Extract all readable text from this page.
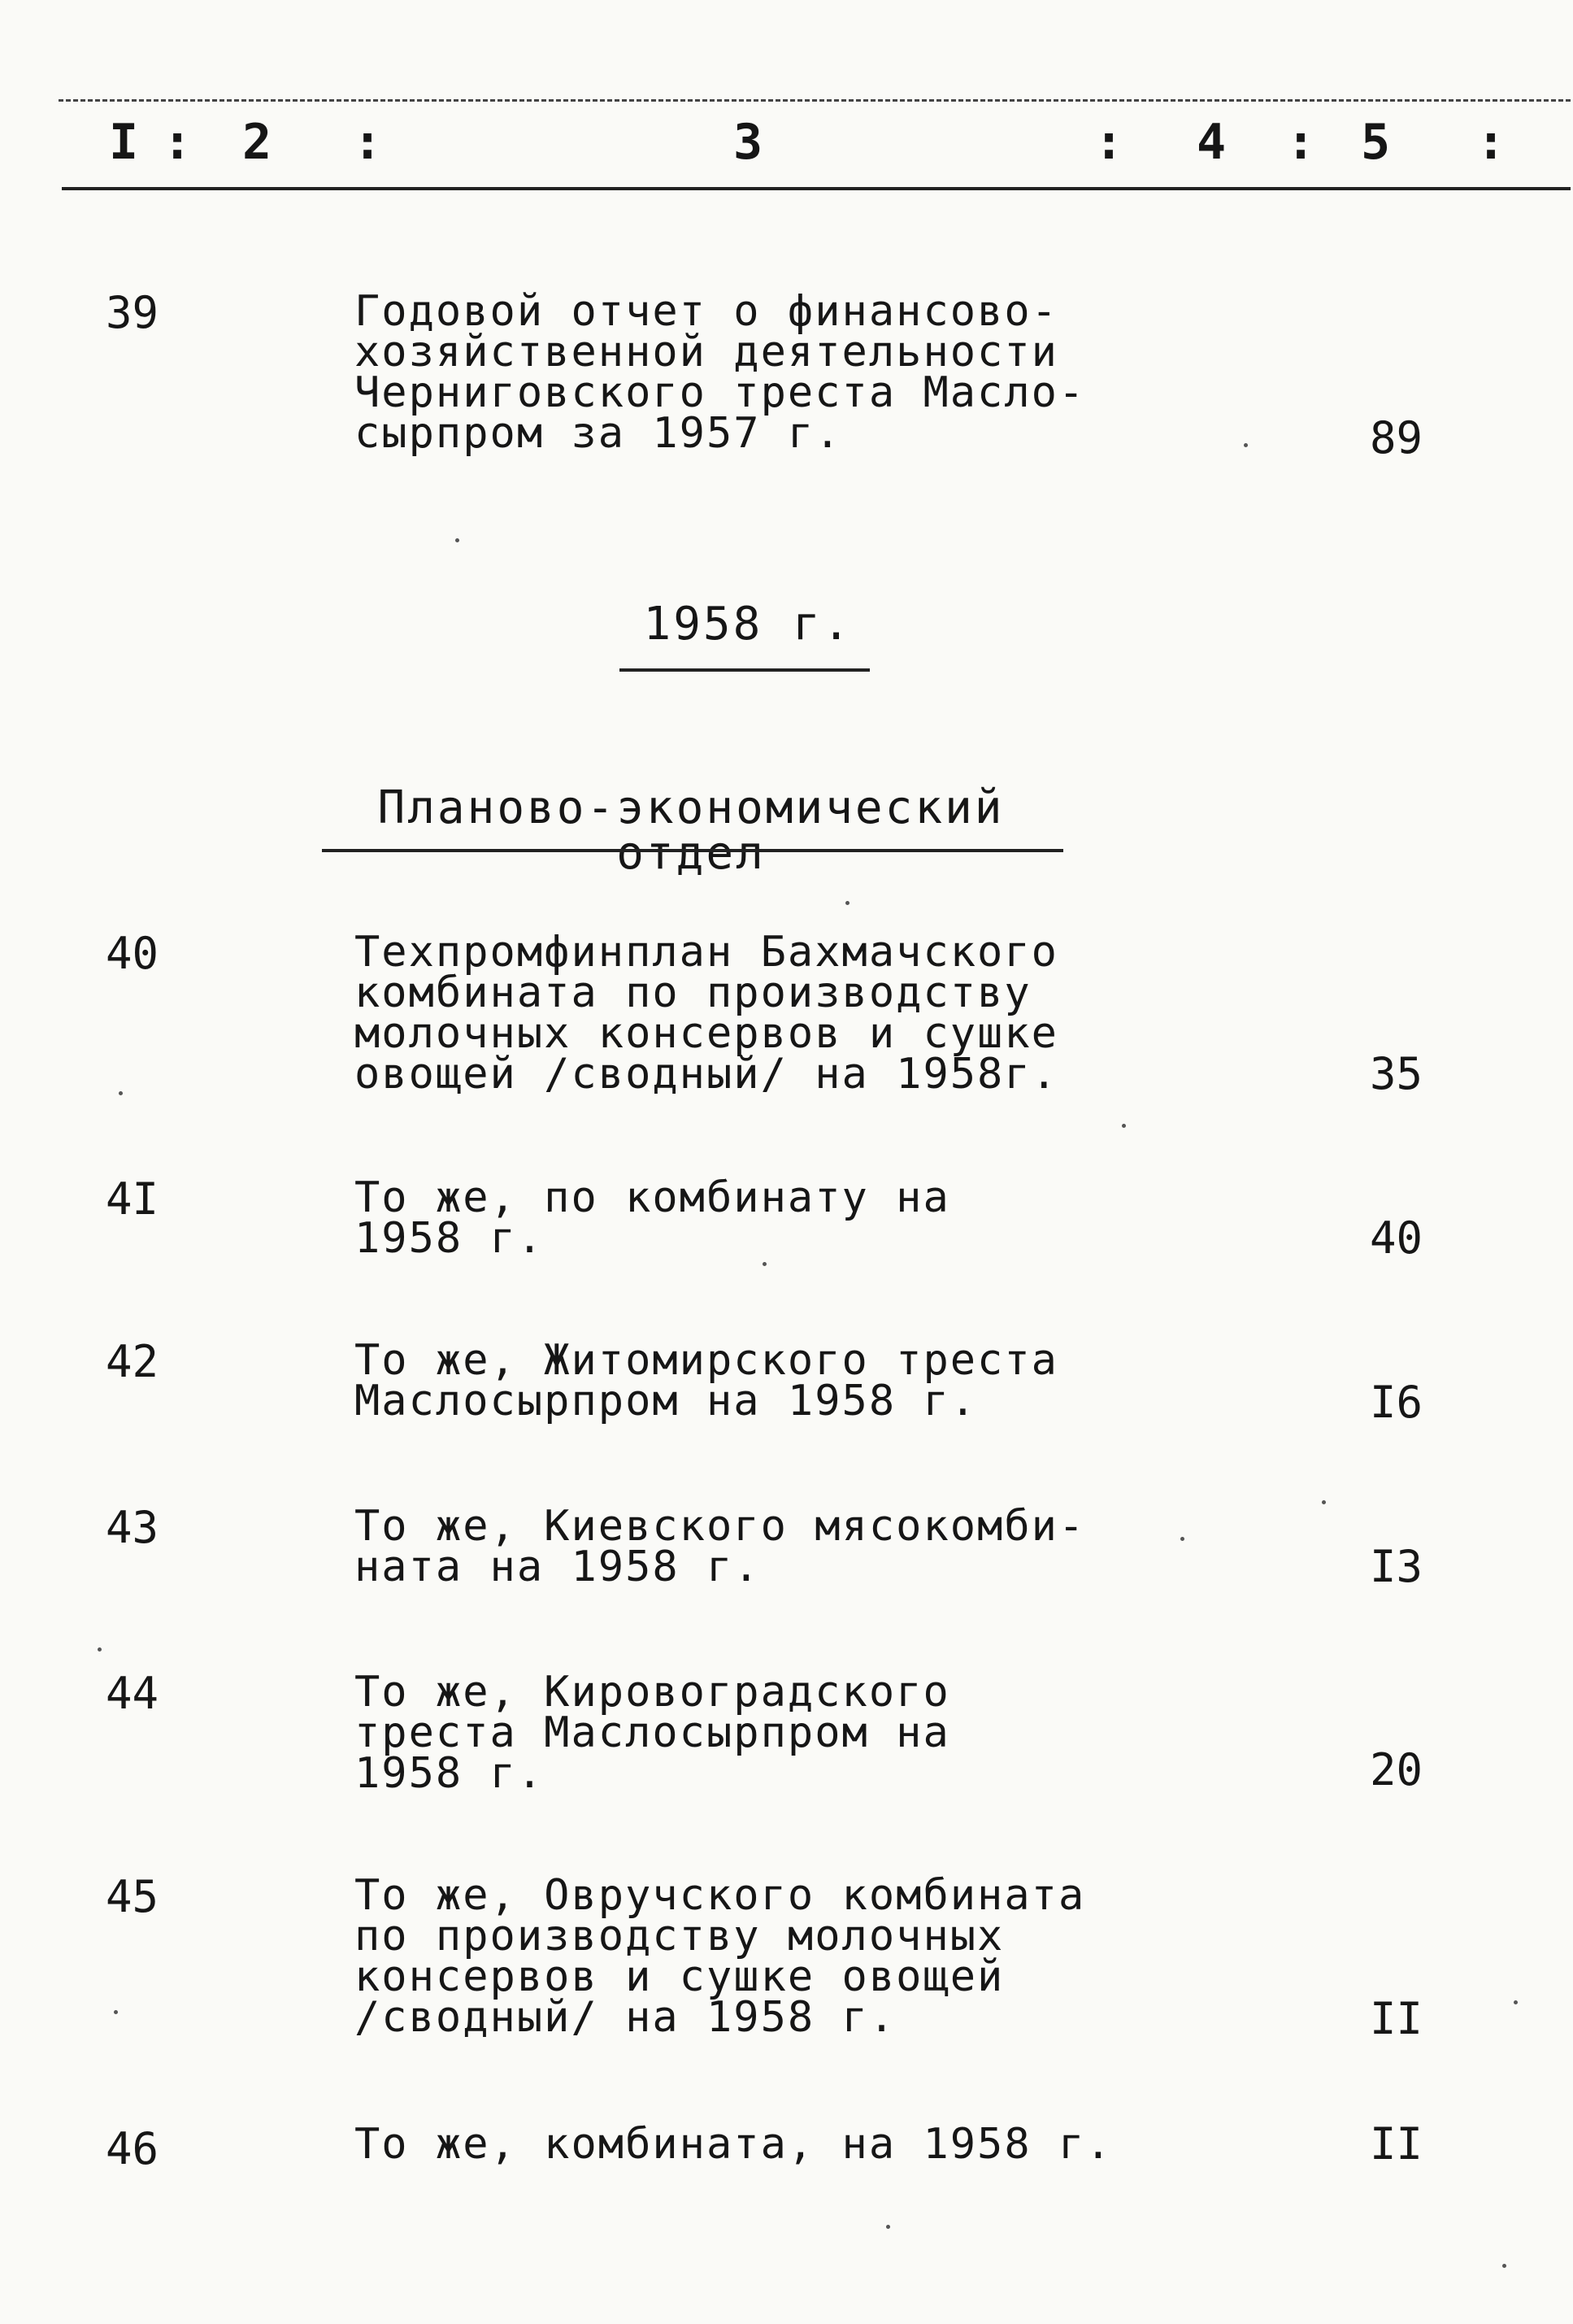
I : 2 :	3	: 4 : 5 :
39	Годовой отчет о финансово-
хозяйственной деятельности
Черниговского треста Масло-
сырпром за 1957 г.	89
1958 г.
Планово-экономический отдел
40	Техпромфинплан Бахмачского
комбината по производству
молочных консервов и сушке
овощей /сводный/ на 1958г.	35
4I	То же, по комбинату на
1958 г.	40
42	То же, Житомирского треста
Маслосырпром на 1958 г.	I6
43	То же, Киевского мясокомби-
ната на 1958 г.	I3
44	То же, Кировоградского
треста Маслосырпром на
1958 г.	20
45	То же, Овручского комбината
по производству молочных
консервов и сушке овощей
/сводный/ на 1958 г.	II
46	То же, комбината, на 1958 г.	II
